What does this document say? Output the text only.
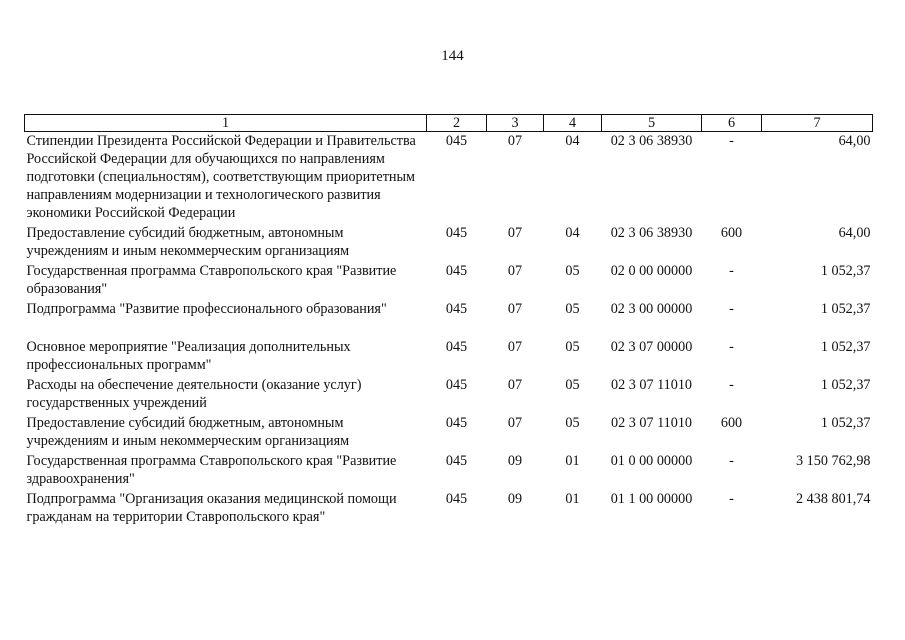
144
1	2	3	4	5	6	7
Стипендии Президента Российской Федерации и Правительства Российской Федерации для обучающихся по направлениям подготовки (специальностям), соответствующим приоритетным направлениям модернизации и технологического развития экономики Российской Федерации	045	07	04	02 3 06 38930	-	64,00
Предоставление субсидий бюджетным, автономным учреждениям и иным некоммерческим организациям	045	07	04	02 3 06 38930	600	64,00
Государственная программа Ставропольского края "Развитие образования"	045	07	05	02 0 00 00000	-	1 052,37
Подпрограмма "Развитие профессионального образования"	045	07	05	02 3 00 00000	-	1 052,37
Основное мероприятие "Реализация дополнительных профессиональных программ"	045	07	05	02 3 07 00000	-	1 052,37
Расходы на обеспечение деятельности (оказание услуг) государственных учреждений	045	07	05	02 3 07 11010	-	1 052,37
Предоставление субсидий бюджетным, автономным учреждениям и иным некоммерческим организациям	045	07	05	02 3 07 11010	600	1 052,37
Государственная программа Ставропольского края "Развитие здравоохранения"	045	09	01	01 0 00 00000	-	3 150 762,98
Подпрограмма "Организация оказания медицинской помощи гражданам на территории Ставропольского края"	045	09	01	01 1 00 00000	-	2 438 801,74
